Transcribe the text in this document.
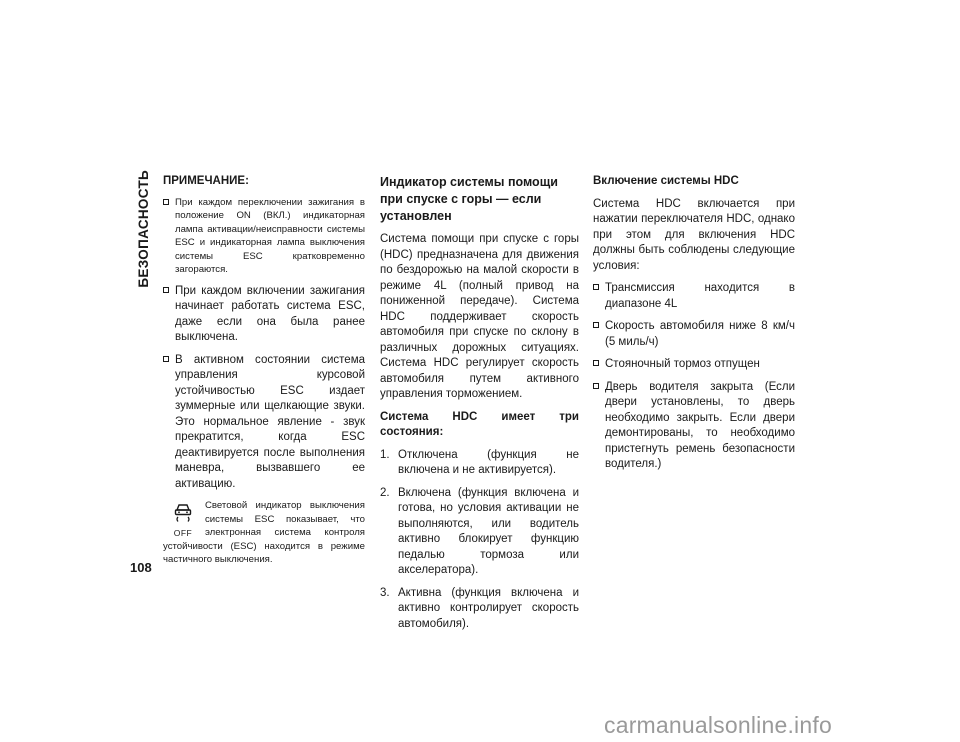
БЕЗОПАСНОСТЬ ПРИМЕЧАНИЕ:
При каждом переключении зажигания в положение ON (ВКЛ.) индикаторная лампа активации/неисправности системы ESC и индикаторная лампа выключения системы ESC кратковременно загораются.
При каждом включении зажигания начинает работать система ESC, даже если она была ранее выключена.
В активном состоянии система управления курсовой устойчивостью ESC издает зуммерные или щелкающие звуки. Это нормальное явление - звук прекратится, когда ESC деактивируется после выполнения маневра, вызвавшего ее активацию.
OFF
Световой индикатор выключения системы ESC показывает, что электронная система контроля устойчивости (ESC) находится в режиме частичного выключения.
Индикатор системы помощи при спуске с горы — если установлен

Система помощи при спуске с горы (HDC) предназначена для движения по бездорожью на малой скорости в режиме 4L (полный привод на пониженной передаче). Система HDC поддерживает скорость автомобиля при спуске по склону в различных дорожных ситуациях. Система HDC регулирует скорость автомобиля путем активного управления торможением.

Система HDC имеет три состояния:

1. Отключена (функция не включена и не активируется).
2. Включена (функция включена и готова, но условия активации не выполняются, или водитель активно блокирует функцию педалью тормоза или акселератора).
3. Активна (функция включена и активно контролирует скорость автомобиля).
Включение системы HDC

Система HDC включается при нажатии переключателя HDC, однако при этом для включения HDC должны быть соблюдены следующие условия:

Трансмиссия находится в диапазоне 4L
Скорость автомобиля ниже 8 км/ч (5 миль/ч)
Стояночный тормоз отпущен
Дверь водителя закрыта (Если двери установлены, то дверь необходимо закрыть. Если двери демонтированы, то необходимо пристегнуть ремень безопасности водителя.)
108
carmanualsonline.info
